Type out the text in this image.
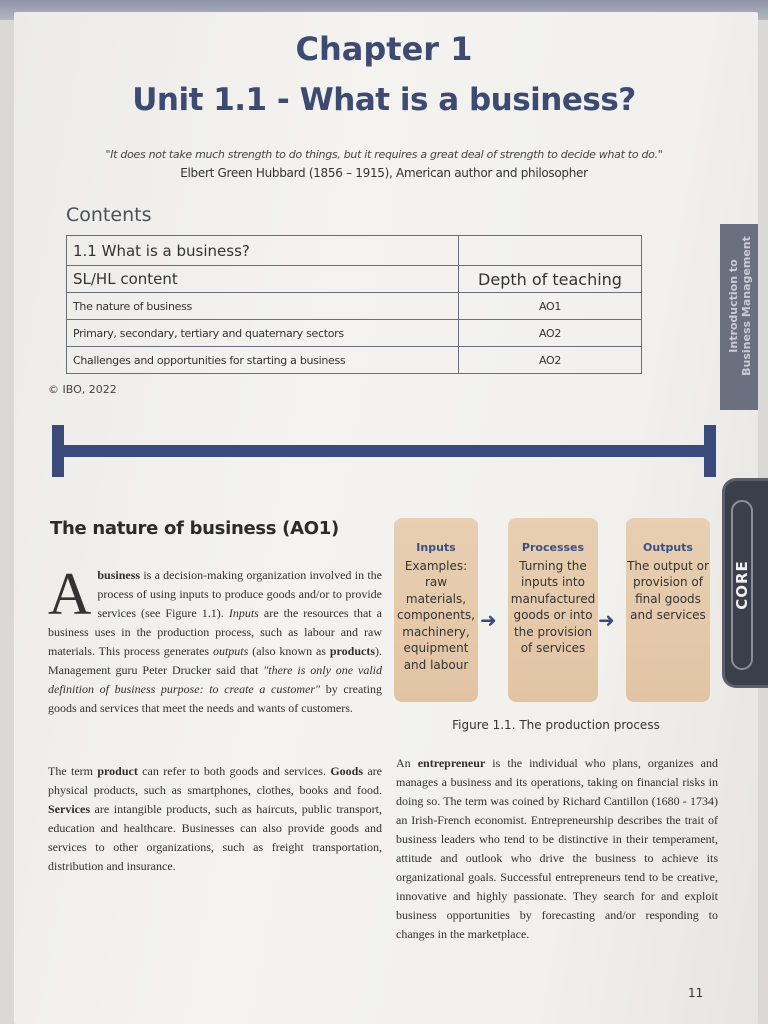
Chapter 1
Unit 1.1 - What is a business?
"It does not take much strength to do things, but it requires a great deal of strength to decide what to do."
Elbert Green Hubbard (1856 – 1915), American author and philosopher
Contents
1.1 What is a business?	
SL/HL content	Depth of teaching
The nature of business	AO1
Primary, secondary, tertiary and quaternary sectors	AO2
Challenges and opportunities for starting a business	AO2
© IBO, 2022
Introduction to Business Management
CORE
The nature of business (AO1)
Abusiness is a decision-making organization involved in the process of using inputs to produce goods and/or to provide services (see Figure 1.1). Inputs are the resources that a business uses in the production process, such as labour and raw materials. This process generates outputs (also known as products). Management guru Peter Drucker said that "there is only one valid definition of business purpose: to create a customer" by creating goods and services that meet the needs and wants of customers.
The term product can refer to both goods and services. Goods are physical products, such as smartphones, clothes, books and food. Services are intangible products, such as haircuts, public transport, education and healthcare. Businesses can also provide goods and services to other organizations, such as freight transportation, distribution and insurance.
An entrepreneur is the individual who plans, organizes and manages a business and its operations, taking on financial risks in doing so. The term was coined by Richard Cantillon (1680 - 1734) an Irish-French economist. Entrepreneurship describes the trait of business leaders who tend to be distinctive in their temperament, attitude and outlook who drive the business to achieve its organizational goals. Successful entrepreneurs tend to be creative, innovative and highly passionate. They search for and exploit business opportunities by forecasting and/or responding to changes in the marketplace.
Inputs
Examples: raw materials, components, machinery, equipment and labour
➜
Processes
Turning the inputs into manufactured goods or into the provision of services
➜
Outputs
The output or provision of final goods and services
Figure 1.1. The production process
11
